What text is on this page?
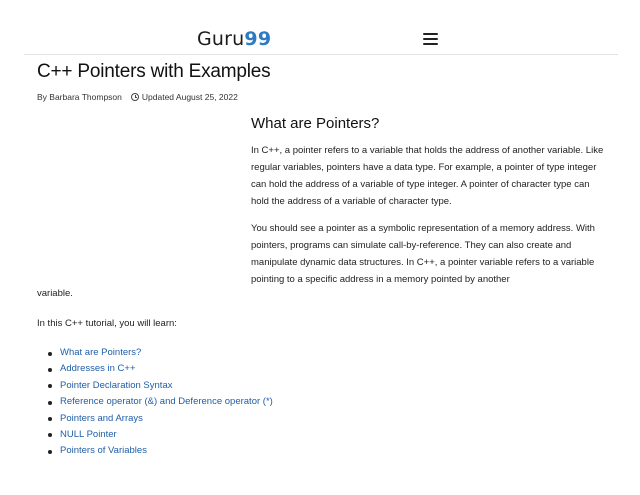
Guru99
C++ Pointers with Examples
By Barbara Thompson Updated August 25, 2022
What are Pointers?

In C++, a pointer refers to a variable that holds the address of another variable. Like regular variables, pointers have a data type. For example, a pointer of type integer can hold the address of a variable of type integer. A pointer of character type can hold the address of a variable of character type.

You should see a pointer as a symbolic representation of a memory address. With pointers, programs can simulate call-by-reference. They can also create and manipulate dynamic data structures. In C++, a pointer variable refers to a variable pointing to a specific address in a memory pointed by another

variable.

In this C++ tutorial, you will learn:

What are Pointers?
Addresses in C++
Pointer Declaration Syntax
Reference operator (&) and Deference operator (*)
Pointers and Arrays
NULL Pointer
Pointers of Variables
